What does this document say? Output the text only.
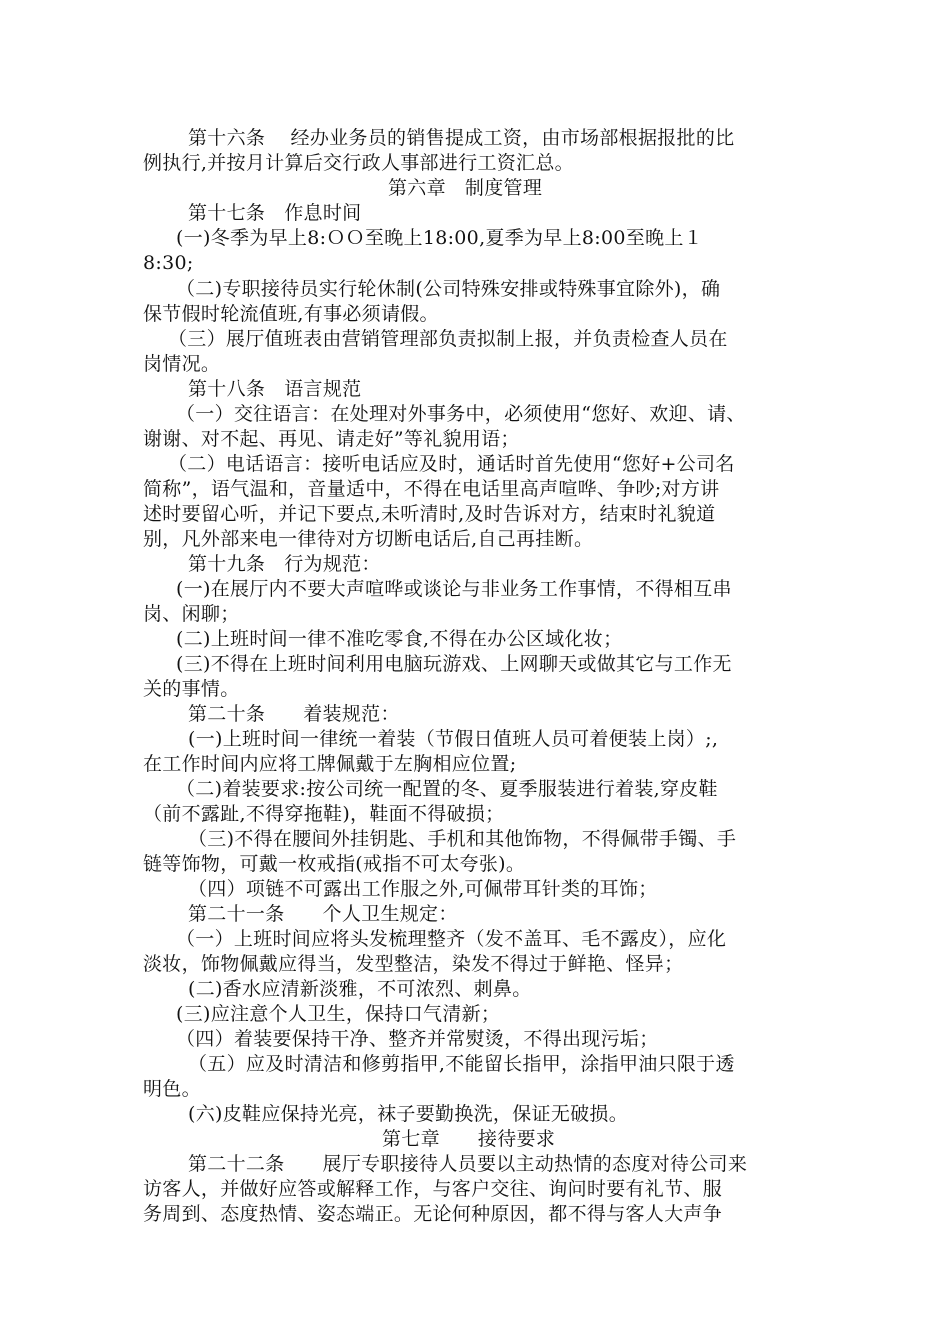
第十六条    经办业务员的销售提成工资，由市场部根据报批的比
例执行,并按月计算后交行政人事部进行工资汇总。
第六章   制度管理
第十七条   作息时间
(一)冬季为早上8:ＯＯ至晚上18:00,夏季为早上8:00至晚上１
8:30;
（二)专职接待员实行轮休制(公司特殊安排或特殊事宜除外)，确
保节假时轮流值班,有事必须请假。
（三）展厅值班表由营销管理部负责拟制上报，并负责检查人员在
岗情况。
第十八条   语言规范
（一）交往语言：在处理对外事务中，必须使用“您好、欢迎、请、
谢谢、对不起、再见、请走好”等礼貌用语；
（二）电话语言：接听电话应及时，通话时首先使用“您好+公司名
简称”，语气温和，音量适中，不得在电话里高声喧哗、争吵;对方讲
述时要留心听，并记下要点,未听清时,及时告诉对方，结束时礼貌道
别，凡外部来电一律待对方切断电话后,自己再挂断。
第十九条   行为规范：
(一)在展厅内不要大声喧哗或谈论与非业务工作事情，不得相互串
岗、闲聊；
(二)上班时间一律不准吃零食,不得在办公区域化妆；
(三)不得在上班时间利用电脑玩游戏、上网聊天或做其它与工作无
关的事情。
第二十条      着装规范：
(一)上班时间一律统一着装（节假日值班人员可着便装上岗）;,
在工作时间内应将工牌佩戴于左胸相应位置;
（二)着装要求:按公司统一配置的冬、夏季服装进行着装,穿皮鞋
（前不露趾,不得穿拖鞋)，鞋面不得破损；
（三)不得在腰间外挂钥匙、手机和其他饰物，不得佩带手镯、手
链等饰物，可戴一枚戒指(戒指不可太夸张)。
（四）项链不可露出工作服之外,可佩带耳针类的耳饰；
第二十一条      个人卫生规定：
（一）上班时间应将头发梳理整齐（发不盖耳、毛不露皮），应化
淡妆，饰物佩戴应得当，发型整洁，染发不得过于鲜艳、怪异；
(二)香水应清新淡雅，不可浓烈、刺鼻。
(三)应注意个人卫生，保持口气清新；
（四）着装要保持干净、整齐并常熨烫，不得出现污垢；
（五）应及时清洁和修剪指甲,不能留长指甲，涂指甲油只限于透
明色。
(六)皮鞋应保持光亮，袜子要勤换洗，保证无破损。
第七章      接待要求
第二十二条      展厅专职接待人员要以主动热情的态度对待公司来
访客人，并做好应答或解释工作，与客户交往、询问时要有礼节、服
务周到、态度热情、姿态端正。无论何种原因，都不得与客人大声争
